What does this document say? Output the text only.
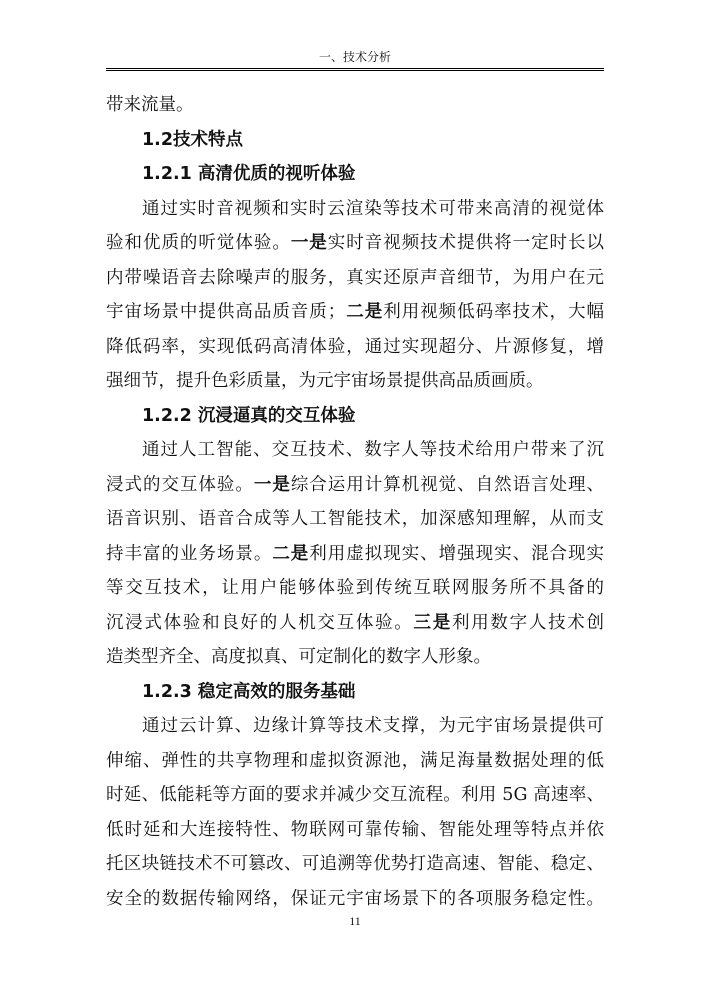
一、技术分析
带来流量。
1.2技术特点
1.2.1 高清优质的视听体验
通过实时音视频和实时云渲染等技术可带来高清的视觉体
验和优质的听觉体验。一是实时音视频技术提供将一定时长以
内带噪语音去除噪声的服务，真实还原声音细节，为用户在元
宇宙场景中提供高品质音质；二是利用视频低码率技术，大幅
降低码率，实现低码高清体验，通过实现超分、片源修复，增
强细节，提升色彩质量，为元宇宙场景提供高品质画质。
1.2.2 沉浸逼真的交互体验
通过人工智能、交互技术、数字人等技术给用户带来了沉
浸式的交互体验。一是综合运用计算机视觉、自然语言处理、
语音识别、语音合成等人工智能技术，加深感知理解，从而支
持丰富的业务场景。二是利用虚拟现实、增强现实、混合现实
等交互技术，让用户能够体验到传统互联网服务所不具备的
沉浸式体验和良好的人机交互体验。三是利用数字人技术创
造类型齐全、高度拟真、可定制化的数字人形象。
1.2.3 稳定高效的服务基础
通过云计算、边缘计算等技术支撑，为元宇宙场景提供可
伸缩、弹性的共享物理和虚拟资源池，满足海量数据处理的低
时延、低能耗等方面的要求并减少交互流程。利用 5G 高速率、
低时延和大连接特性、物联网可靠传输、智能处理等特点并依
托区块链技术不可篡改、可追溯等优势打造高速、智能、稳定、
安全的数据传输网络，保证元宇宙场景下的各项服务稳定性。
11
